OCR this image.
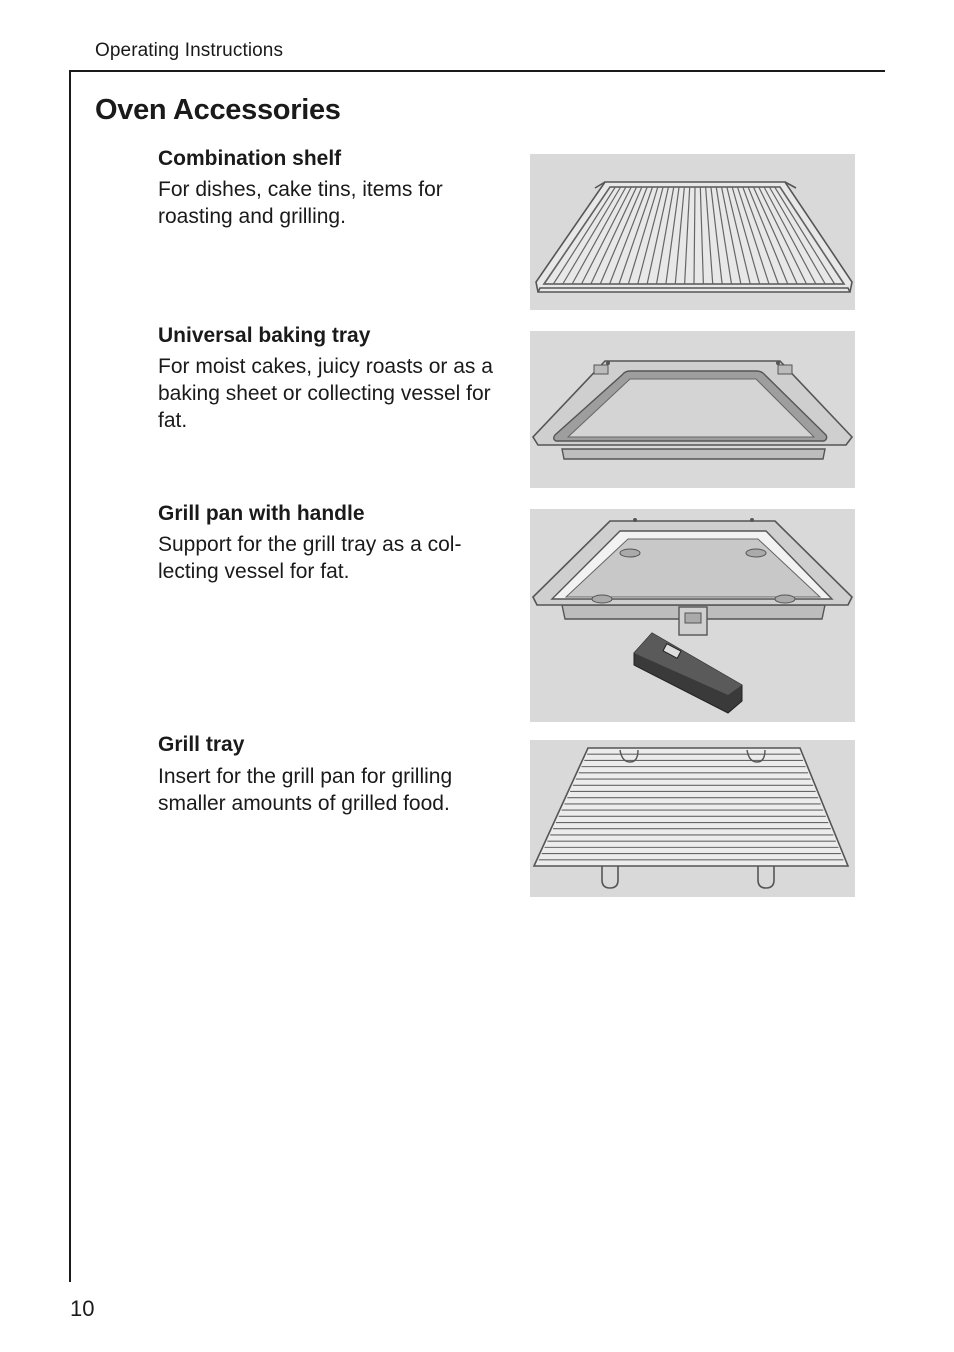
Operating Instructions
Oven Accessories
Combination shelf

For dishes, cake tins, items for roasting and grilling.

Universal baking tray

For moist cakes, juicy roasts or as a baking sheet or collecting vessel for fat.

Grill pan with handle

Support for the grill tray as a col-lecting vessel for fat.

Grill tray

Insert for the grill pan for grilling smaller amounts of grilled food.

10
